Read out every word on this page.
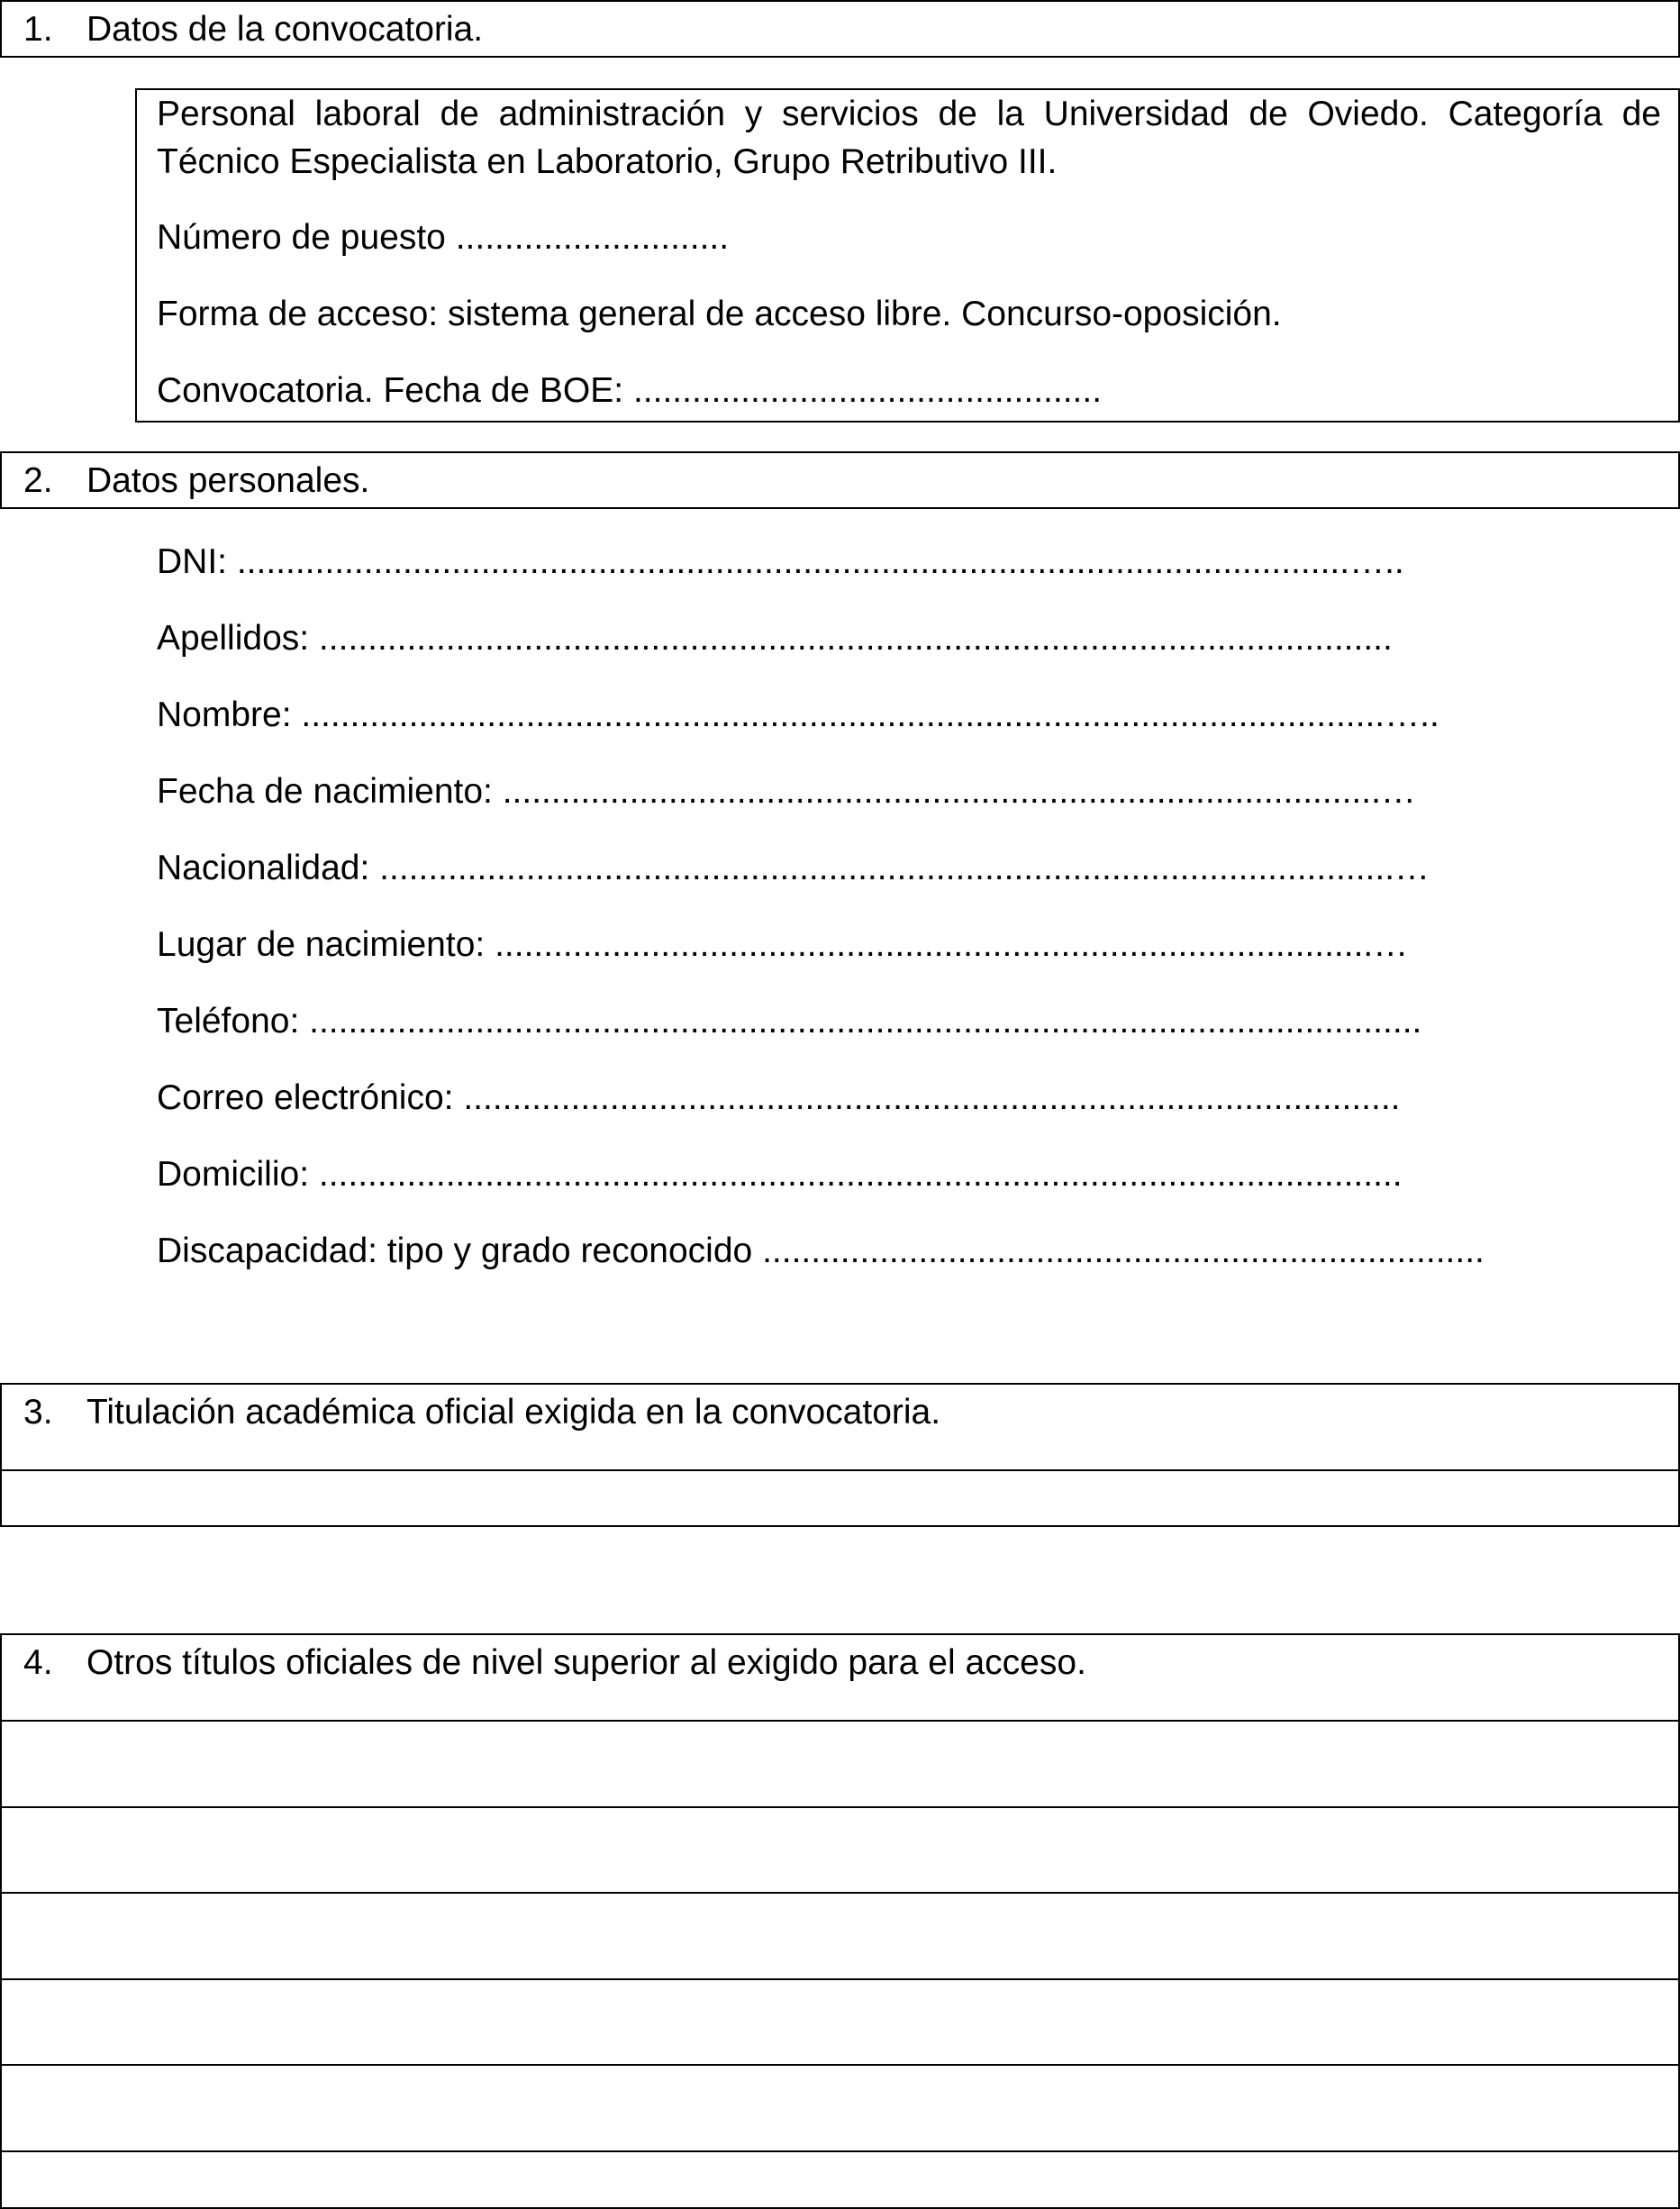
1. Datos de la convocatoria.
Personal laboral de administración y servicios de la Universidad de Oviedo. Categoría de Técnico Especialista en Laboratorio, Grupo Retributivo III.
Número de puesto ............................
Forma de acceso: sistema general de acceso libre. Concurso-oposición.
Convocatoria. Fecha de BOE: ................................................
2. Datos personales.
DNI: ..................................................................................................................…..
Apellidos: ..............................................................................................................
Nombre: ...............................................................................................................…..
Fecha de nacimiento: ..........................................................................................…
Nacionalidad: ........................................................................................................…
Lugar de nacimiento: ..........................................................................................…
Teléfono: ..................................................................................................................
Correo electrónico: ................................................................................................
Domicilio: ...............................................................................................................
Discapacidad: tipo y grado reconocido ..........................................................................
3. Titulación académica oficial exigida en la convocatoria.
4. Otros títulos oficiales de nivel superior al exigido para el acceso.
